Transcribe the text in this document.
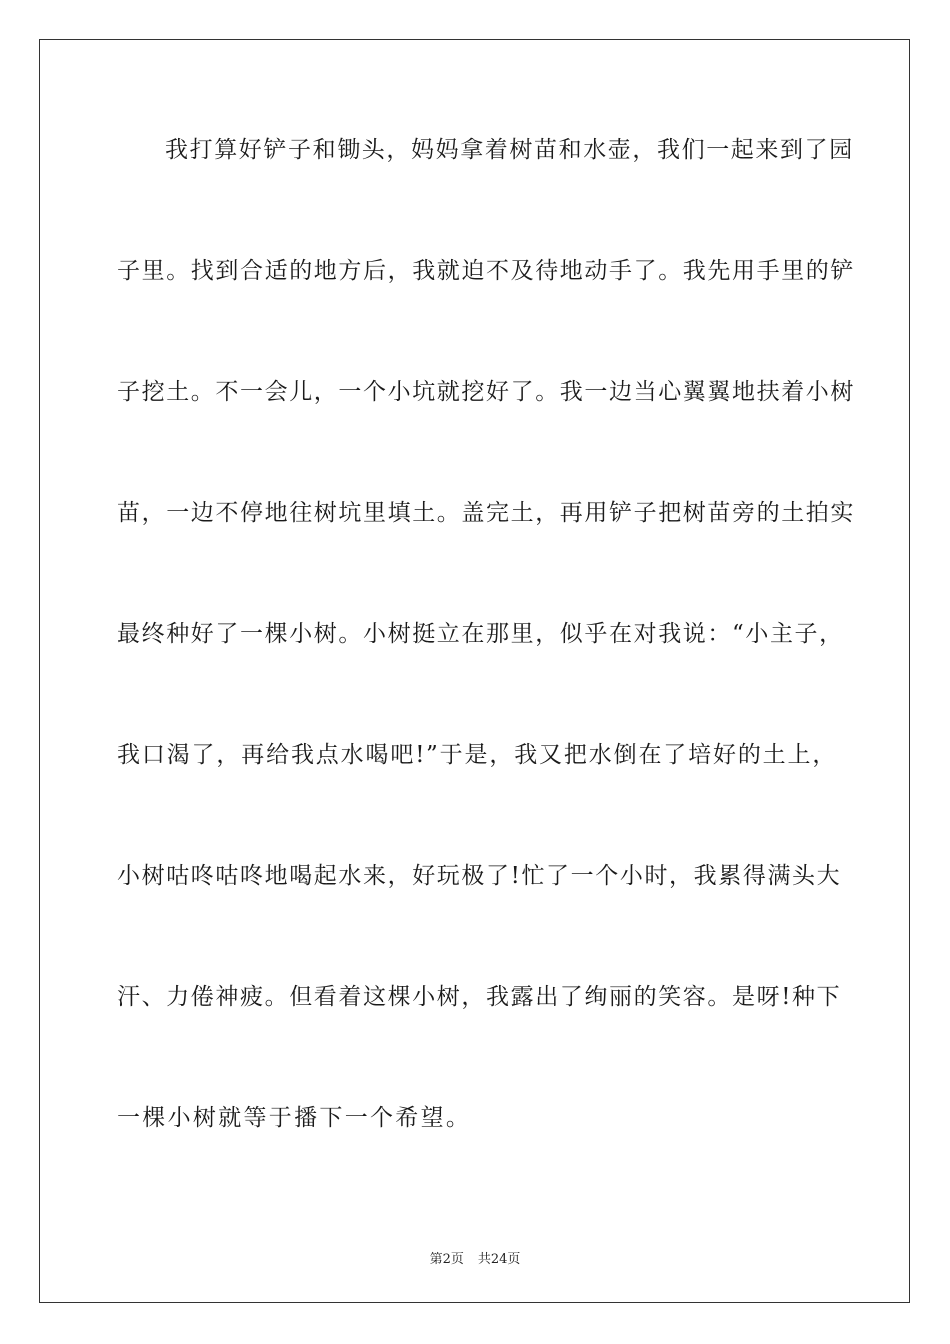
我打算好铲子和锄头，妈妈拿着树苗和水壶，我们一起来到了园
子里。找到合适的地方后，我就迫不及待地动手了。我先用手里的铲
子挖土。不一会儿，一个小坑就挖好了。我一边当心翼翼地扶着小树
苗，一边不停地往树坑里填土。盖完土，再用铲子把树苗旁的土拍实
最终种好了一棵小树。小树挺立在那里，似乎在对我说：“小主子，
我口渴了，再给我点水喝吧!”于是，我又把水倒在了培好的土上，
小树咕咚咕咚地喝起水来，好玩极了!忙了一个小时，我累得满头大
汗、力倦神疲。但看着这棵小树，我露出了绚丽的笑容。是呀!种下
一棵小树就等于播下一个希望。
第2页 共24页
